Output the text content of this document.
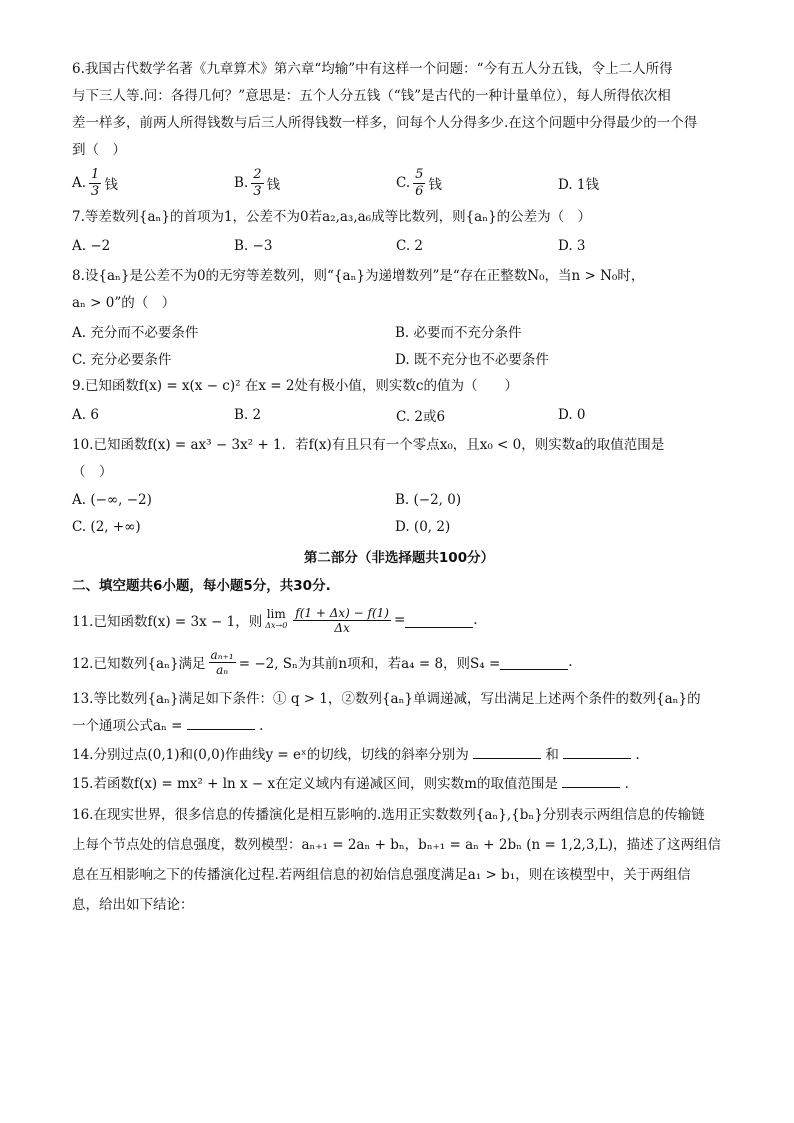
6.我国古代数学名著《九章算术》第六章“均输”中有这样一个问题：“今有五人分五钱，令上二人所得

与下三人等.问：各得几何？”意思是：五个人分五钱（“钱”是古代的一种计量单位），每人所得依次相

差一样多，前两人所得钱数与后三人所得钱数一样多，问每个人分得多少.在这个问题中分得最少的一个得

到（　）

A. $\frac{1}{3}$ 钱	B. $\frac{2}{3}$ 钱	C. $\frac{5}{6}$ 钱	D. 1钱

7.等差数列{aₙ}的首项为1，公差不为0若a₂,a₃,a₆成等比数列，则{aₙ}的公差为（　）

A. −2	B. −3	C. 2	D. 3

8.设{aₙ}是公差不为0的无穷等差数列，则“{aₙ}为递增数列”是“存在正整数N₀，当n > N₀时，

aₙ > 0”的（　）

A. 充分而不必要条件	B. 必要而不充分条件
C. 充分必要条件	D. 既不充分也不必要条件

9.已知函数f(x) = x(x − c)² 在x = 2处有极小值，则实数c的值为（　　）

A. 6	B. 2	C. 2或6	D. 0

10.已知函数f(x) = ax³ − 3x² + 1．若f(x)有且只有一个零点x₀，且x₀ < 0，则实数a的取值范围是

（　）

A. (−∞, −2)	B. (−2, 0)
C. (2, +∞)	D. (0, 2)
第二部分（非选择题共100分）
二、填空题共6小题，每小题5分，共30分.
11.已知函数f(x) = 3x − 1，则 lim
$\Delta x\to 0 \frac{f(1 + \Delta x) - f(1)}{\Delta x}$ =	.
12.已知数列{aₙ}满足 $\frac{\text{aₙ₊₁}}{\text{aₙ}} = -2$, Sₙ为其前n项和，若a₄ = 8，则S₄ =	.

13.等比数列{aₙ}满足如下条件：① q > 1，②数列{aₙ}单调递减，写出满足上述两个条件的数列{aₙ}的

一个通项公式aₙ =	.

14.分别过点(0,1)和(0,0)作曲线y = eˣ的切线，切线的斜率分别为	和	.

15.若函数f(x) = mx² + ln x − x在定义域内有递减区间，则实数m的取值范围是	.

16.在现实世界，很多信息的传播演化是相互影响的.选用正实数数列{aₙ},{bₙ}分别表示两组信息的传输链

上每个节点处的信息强度，数列模型：aₙ₊₁ = 2aₙ + bₙ，bₙ₊₁ = aₙ + 2bₙ (n = 1,2,3,L)，描述了这两组信

息在互相影响之下的传播演化过程.若两组信息的初始信息强度满足a₁ > b₁，则在该模型中，关于两组信

息，给出如下结论：
